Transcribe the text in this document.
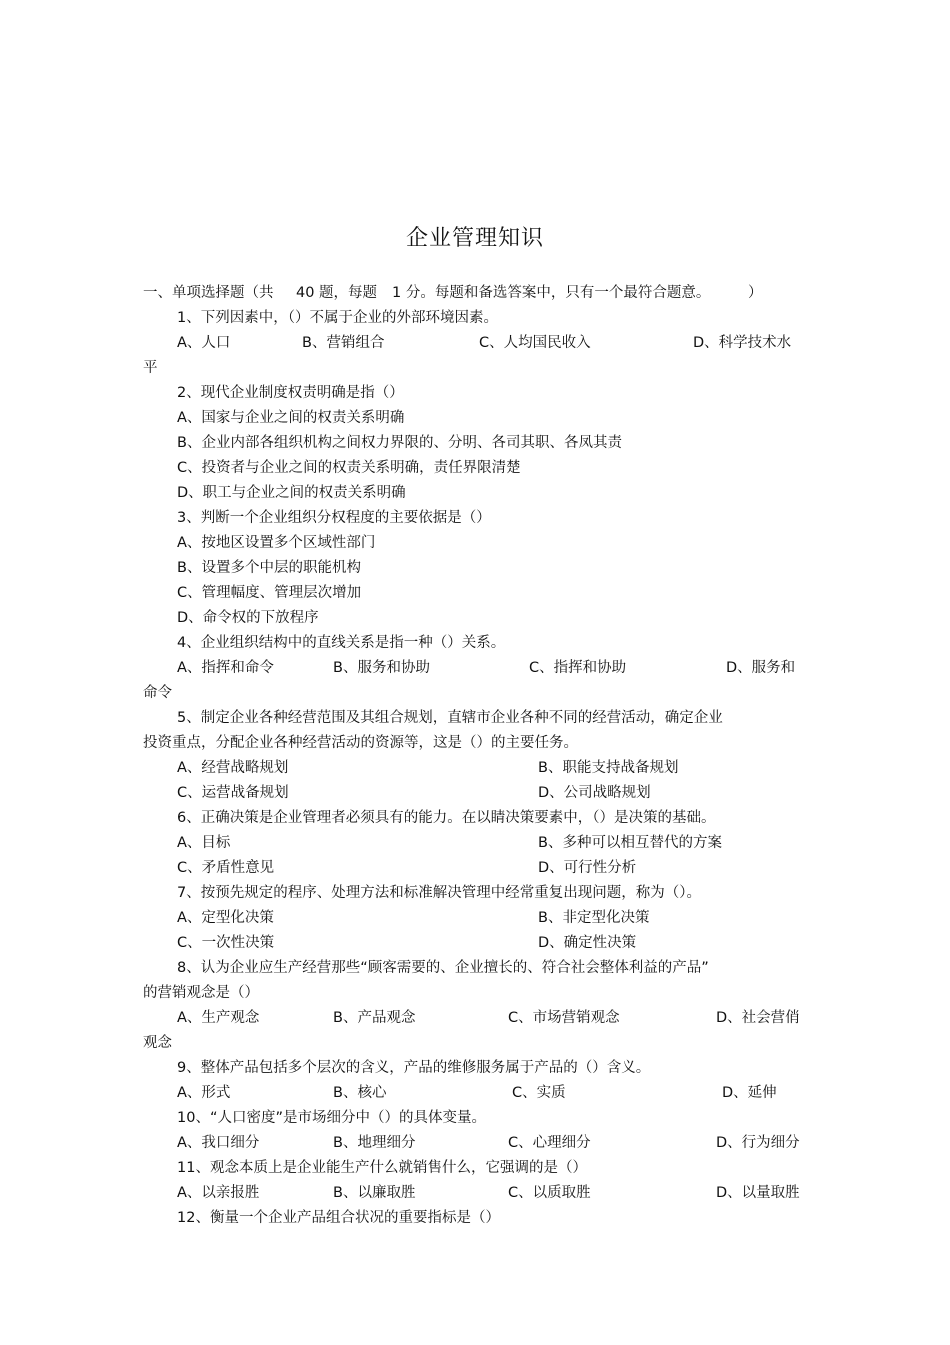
企业管理知识
一、单项选择题（共 40 题，每题 1 分。每题和备选答案中，只有一个最符合题意。	）
1、下列因素中，（）不属于企业的外部环境因素。
A、人口	B、营销组合	C、人均国民收入	D、科学技术水
平
2、现代企业制度权责明确是指（）
A、国家与企业之间的权责关系明确
B、企业内部各组织机构之间权力界限的、分明、各司其职、各凤其责
C、投资者与企业之间的权责关系明确，责任界限清楚
D、职工与企业之间的权责关系明确
3、判断一个企业组织分权程度的主要依据是（）
A、按地区设置多个区域性部门
B、设置多个中层的职能机构
C、管理幅度、管理层次增加
D、命令权的下放程序
4、企业组织结构中的直线关系是指一种（）关系。
A、指挥和命令	B、服务和协助	C、指挥和协助	D、服务和
命令
5、制定企业各种经营范围及其组合规划，直辖市企业各种不同的经营活动，确定企业
投资重点，分配企业各种经营活动的资源等，这是（）的主要任务。
A、经营战略规划	B、职能支持战备规划
C、运营战备规划	D、公司战略规划
6、正确决策是企业管理者必须具有的能力。在以睛决策要素中，（）是决策的基础。
A、目标	B、多种可以相互替代的方案
C、矛盾性意见	D、可行性分析
7、按预先规定的程序、处理方法和标准解决管理中经常重复出现问题，称为（）。
A、定型化决策	B、非定型化决策
C、一次性决策	D、确定性决策
8、认为企业应生产经营那些“顾客需要的、企业擅长的、符合社会整体利益的产品”
的营销观念是（）
A、生产观念	B、产品观念	C、市场营销观念	D、社会营俏
观念
9、整体产品包括多个层次的含义，产品的维修服务属于产品的（）含义。
A、形式	B、核心	C、实质	D、延伸
10、“人口密度”是市场细分中（）的具体变量。
A、我口细分	B、地理细分	C、心理细分	D、行为细分
11、观念本质上是企业能生产什么就销售什么，它强调的是（）
A、以亲报胜	B、以廉取胜	C、以质取胜	D、以量取胜
12、衡量一个企业产品组合状况的重要指标是（）
